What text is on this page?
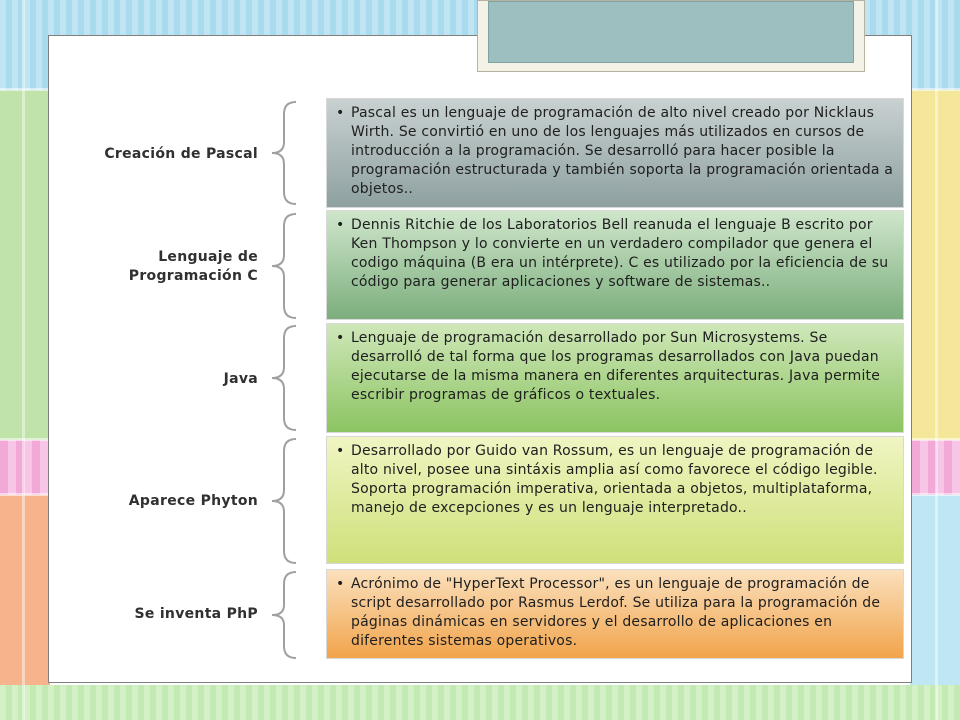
Creación de Pascal
• Pascal es un lenguaje de programación de alto nivel creado por Nicklaus Wirth. Se convirtió en uno de los lenguajes más utilizados en cursos de introducción a la programación. Se desarrolló para hacer posible la programación estructurada y también soporta la programación orientada a objetos..
Lenguaje de Programación C
• Dennis Ritchie de los Laboratorios Bell reanuda el lenguaje B escrito por Ken Thompson y lo convierte en un verdadero compilador que genera el codigo máquina (B era un intérprete). C es utilizado por la eficiencia de su código para generar aplicaciones y software de sistemas..
Java
• Lenguaje de programación desarrollado por Sun Microsystems. Se desarrolló de tal forma que los programas desarrollados con Java puedan ejecutarse de la misma manera en diferentes arquitecturas. Java permite escribir programas de gráficos o textuales.
Aparece Phyton
• Desarrollado por Guido van Rossum, es un lenguaje de programación de alto nivel, posee una sintáxis amplia así como favorece el código legible.
Soporta programación imperativa, orientada a objetos, multiplataforma, manejo de excepciones y es un lenguaje interpretado..
Se inventa PhP
• Acrónimo de "HyperText Processor", es un lenguaje de programación de script desarrollado por Rasmus Lerdof. Se utiliza para la programación de páginas dinámicas en servidores y el desarrollo de aplicaciones en diferentes sistemas operativos.
